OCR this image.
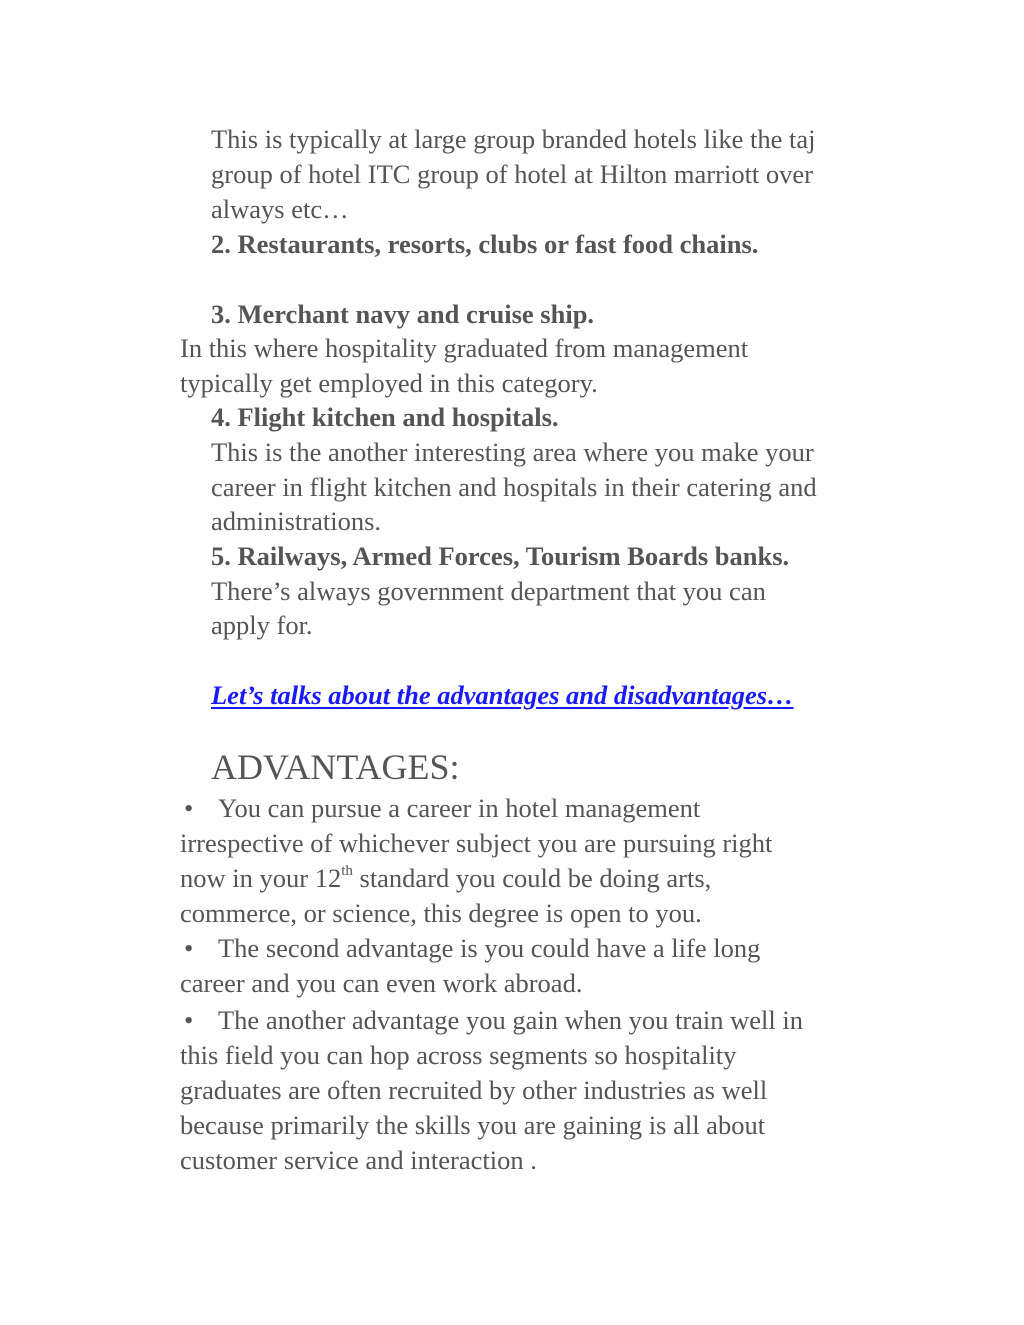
This is typically at large group branded hotels like the taj

group of hotel ITC group of hotel at Hilton marriott over

always etc…

2. Restaurants, resorts, clubs or fast food chains.

3. Merchant navy and cruise ship.

In this where hospitality graduated from management

typically get employed in this category.

4. Flight kitchen and hospitals.

This is the another interesting area where you make your

career in flight kitchen and hospitals in their catering and

administrations.

5. Railways, Armed Forces, Tourism Boards banks.

There’s always government department that you can

apply for.

Let’s talks about the advantages and disadvantages…

ADVANTAGES:

• You can pursue a career in hotel management

irrespective of whichever subject you are pursuing right

now in your 12th standard you could be doing arts,

commerce, or science, this degree is open to you.

• The second advantage is you could have a life long

career and you can even work abroad.

• The another advantage you gain when you train well in

this field you can hop across segments so hospitality

graduates are often recruited by other industries as well

because primarily the skills you are gaining is all about

customer service and interaction .
